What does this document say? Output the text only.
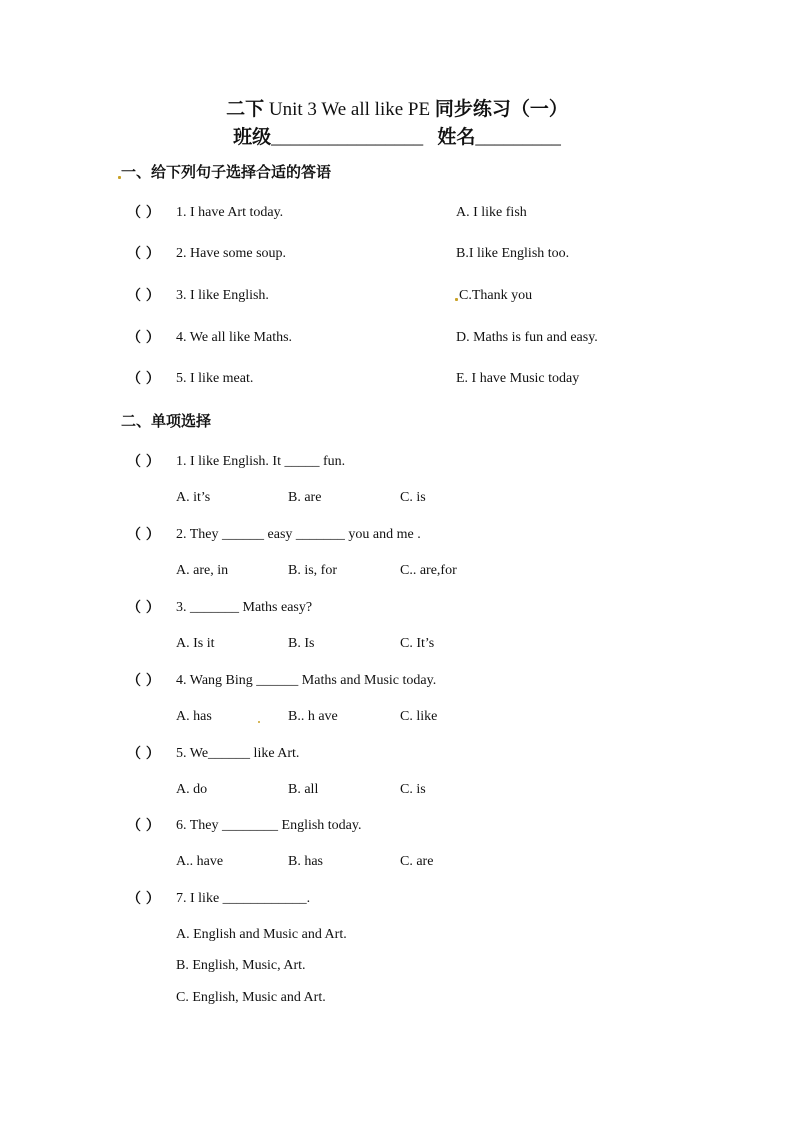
二下 Unit 3 We all like PE 同步练习（一）
班级________________ 姓名_________
一、给下列句子选择合适的答语
（ ） 1. I have Art today.	A. I like fish
（ ） 2. Have some soup.	B.I like English too.
（ ） 3. I like English.	C.Thank you
（ ） 4. We all like Maths.	D. Maths is fun and easy.
（ ） 5. I like meat.	E. I have Music today
二、单项选择
（ ） 1. I like English. It _____ fun.
A. it’s	B. are	C. is
（ ） 2. They ______ easy _______ you and me .
A. are, in	B. is, for	C.. are,for
（ ） 3. _______ Maths easy?
A. Is it	B. Is	C. It’s
（ ） 4. Wang Bing ______ Maths and Music today.
A. has	B.. h ave	C. like
（ ） 5. We______ like Art.
A. do	B. all	C. is
（ ） 6. They ________ English today.
A.. have	B. has	C. are
（ ） 7. I like ____________.
A. English and Music and Art.
B. English, Music, Art.
C. English, Music and Art.
